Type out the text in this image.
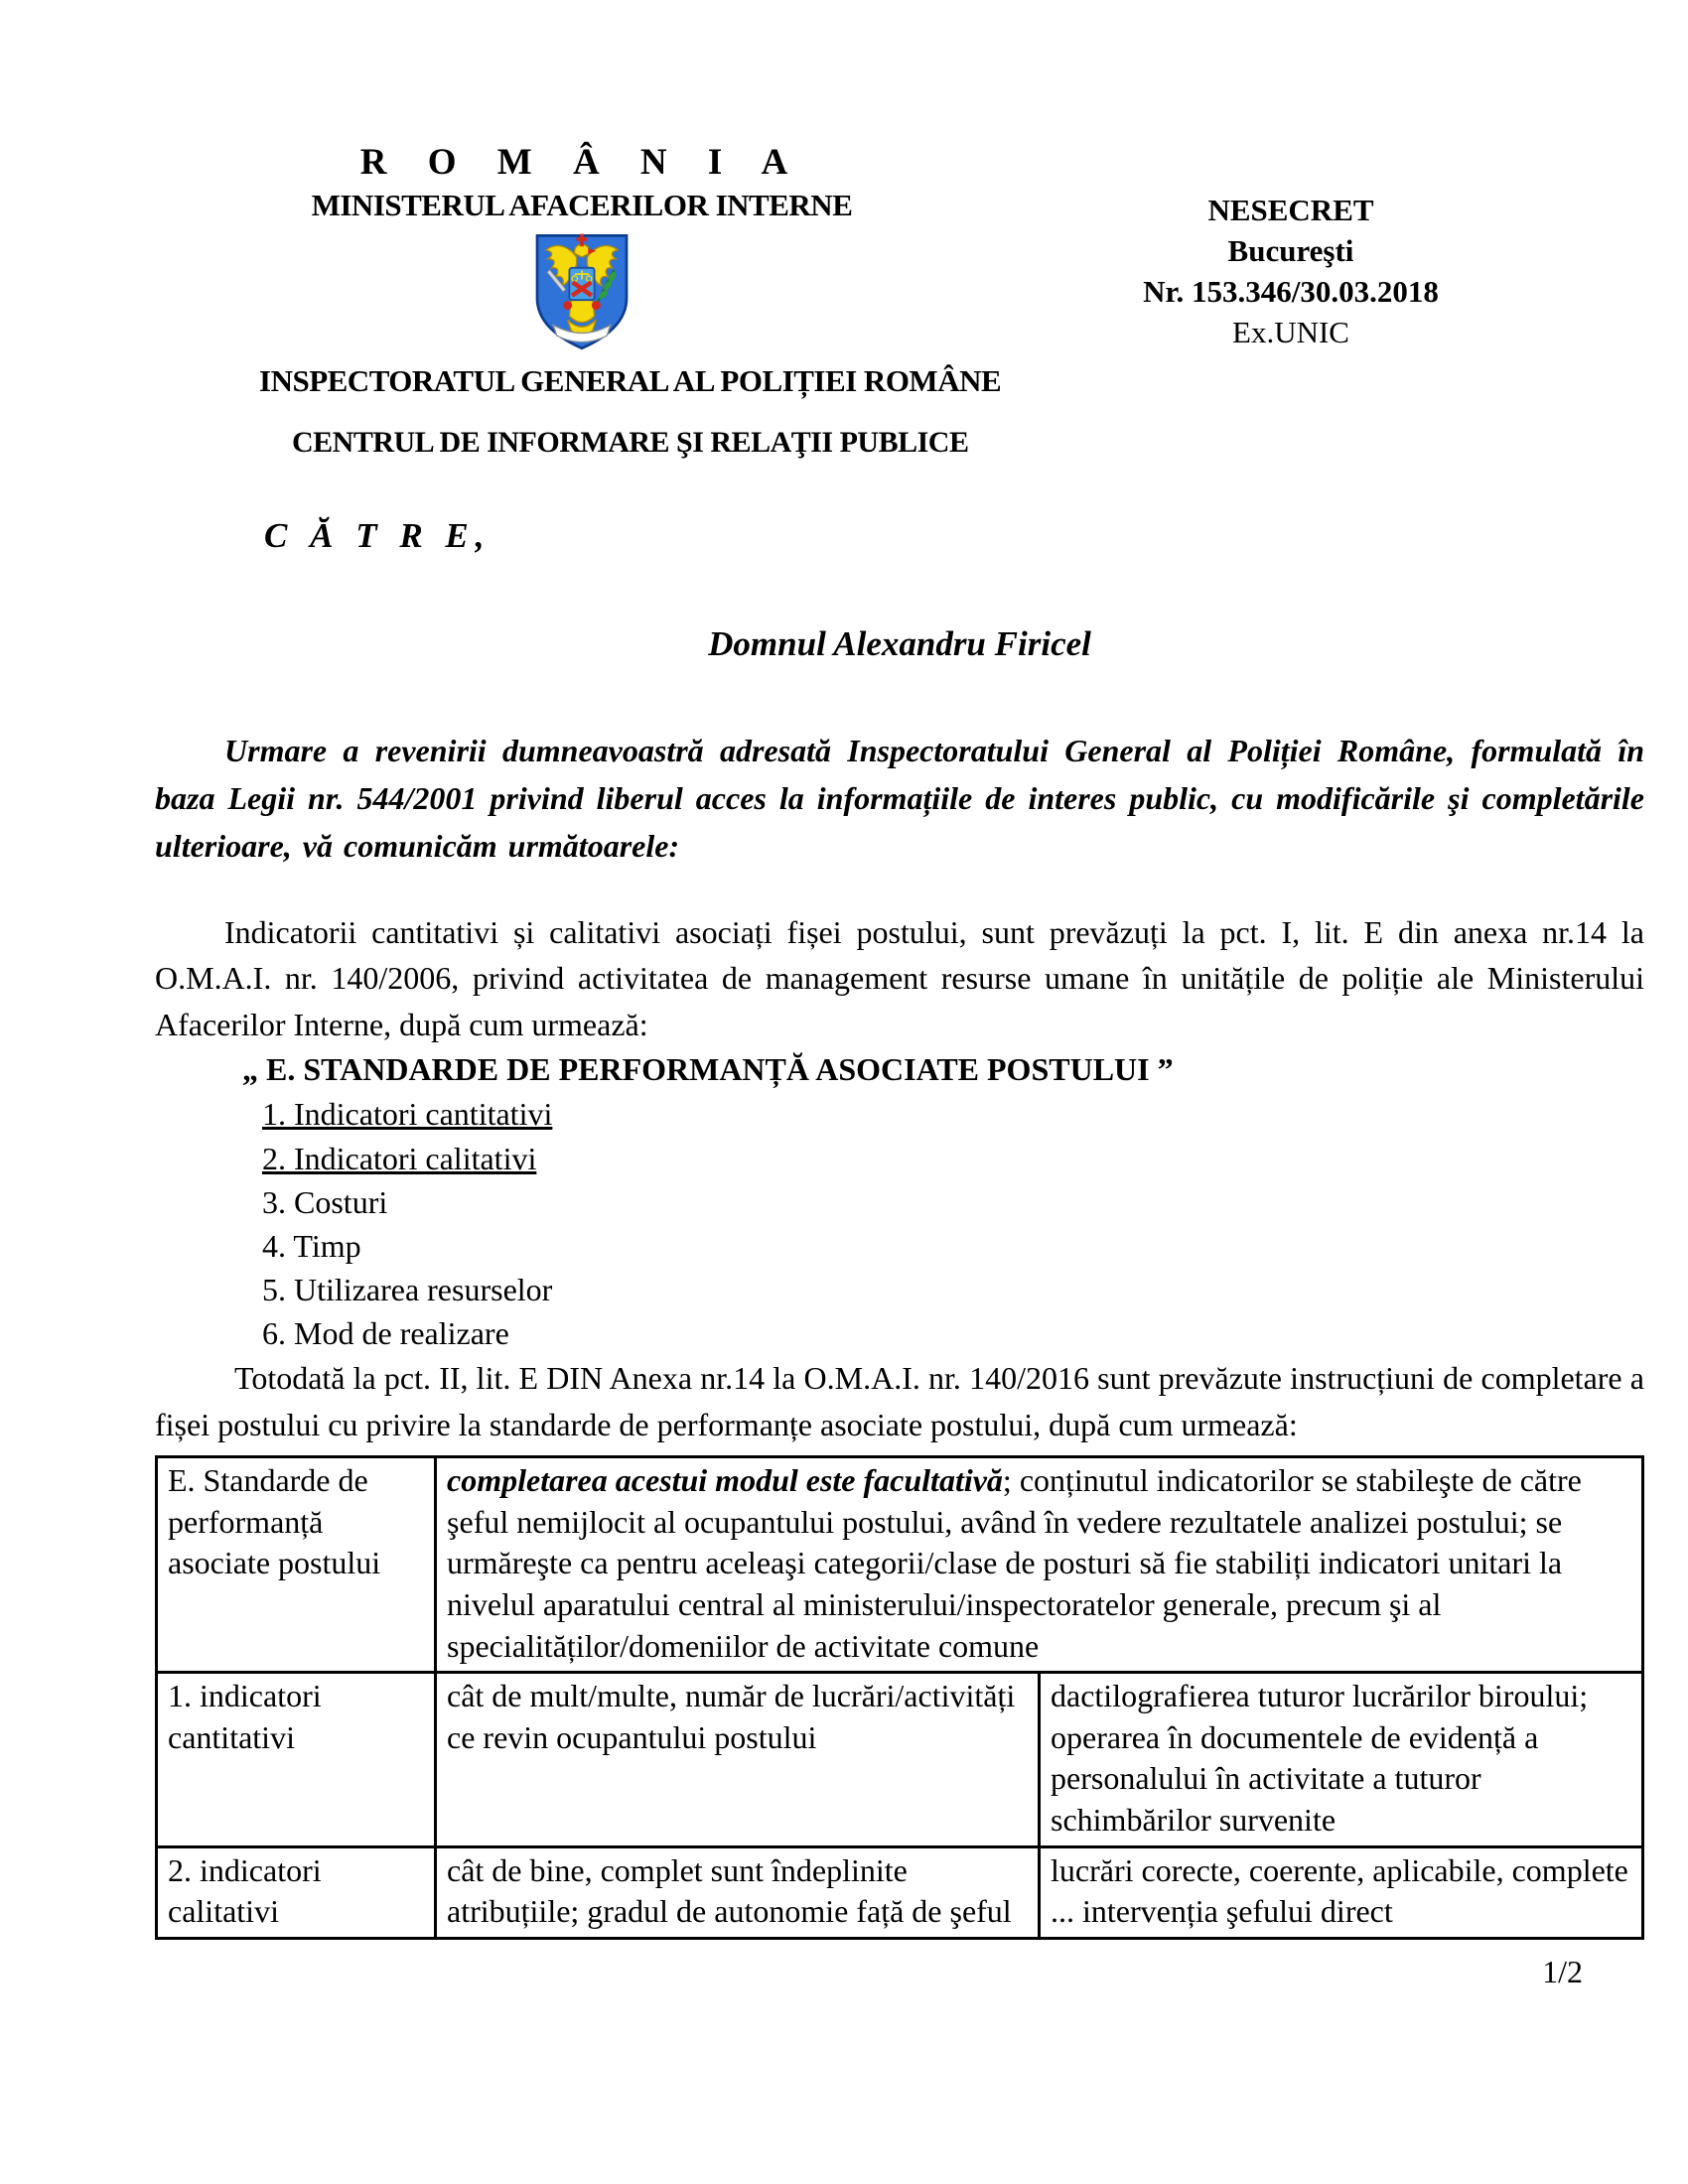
NESECRET
Bucureşti
Nr. 153.346/30.03.2018
Ex.UNIC
R O M Â N I A
MINISTERUL AFACERILOR INTERNE
INSPECTORATUL GENERAL AL POLIȚIEI ROMÂNE
CENTRUL DE INFORMARE ŞI RELAŢII PUBLICE
C Ă T R E,
Domnul Alexandru Firicel
Urmare a revenirii dumneavoastră adresată Inspectoratului General al Poliției Române, formulată în baza Legii nr. 544/2001 privind liberul acces la informațiile de interes public, cu modificările şi completările ulterioare, vă comunicăm următoarele:
Indicatorii cantitativi și calitativi asociați fișei postului, sunt prevăzuți la pct. I, lit. E din anexa nr.14 la O.M.A.I. nr. 140/2006, privind activitatea de management resurse umane în unitățile de poliție ale Ministerului Afacerilor Interne, după cum urmează:
„ E. STANDARDE DE PERFORMANȚĂ ASOCIATE POSTULUI ”
1. Indicatori cantitativi
2. Indicatori calitativi
3. Costuri
4. Timp
5. Utilizarea resurselor
6. Mod de realizare
Totodată la pct. II, lit. E DIN Anexa nr.14 la O.M.A.I. nr. 140/2016 sunt prevăzute instrucțiuni de completare a fișei postului cu privire la standarde de performanțe asociate postului, după cum urmează:
E. Standarde de performanță asociate postului	completarea acestui modul este facultativă; conținutul indicatorilor se stabileşte de către şeful nemijlocit al ocupantului postului, având în vedere rezultatele analizei postului; se urmăreşte ca pentru aceleaşi categorii/clase de posturi să fie stabiliți indicatori unitari la nivelul aparatului central al ministerului/inspectoratelor generale, precum şi al specialităților/domeniilor de activitate comune	
1. indicatori cantitativi	cât de mult/multe, număr de lucrări/activități ce revin ocupantului postului	dactilografierea tuturor lucrărilor biroului; operarea în documentele de evidență a personalului în activitate a tuturor schimbărilor survenite
2. indicatori calitativi	cât de bine, complet sunt îndeplinite atribuțiile; gradul de autonomie față de şeful	lucrări corecte, coerente, aplicabile, complete ... intervenția şefului direct
1/2
